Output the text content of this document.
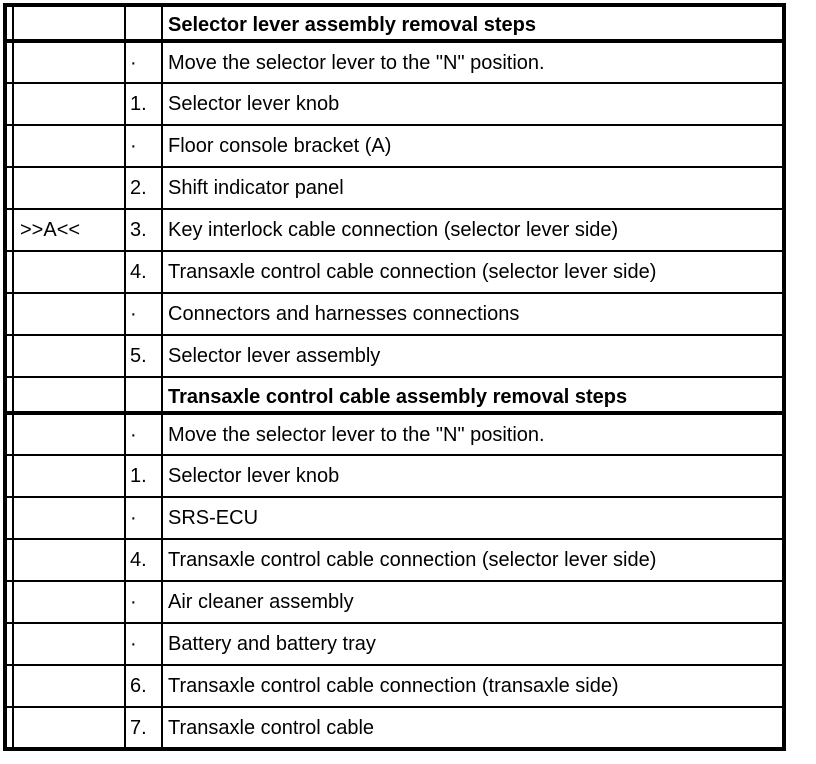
			Selector lever assembly removal steps
		·	Move the selector lever to the "N" position.
		1.	Selector lever knob
		·	Floor console bracket (A)
		2.	Shift indicator panel
	>>A<<	3.	Key interlock cable connection (selector lever side)
		4.	Transaxle control cable connection (selector lever side)
		·	Connectors and harnesses connections
		5.	Selector lever assembly
			Transaxle control cable assembly removal steps
		·	Move the selector lever to the "N" position.
		1.	Selector lever knob
		·	SRS-ECU
		4.	Transaxle control cable connection (selector lever side)
		·	Air cleaner assembly
		·	Battery and battery tray
		6.	Transaxle control cable connection (transaxle side)
		7.	Transaxle control cable
